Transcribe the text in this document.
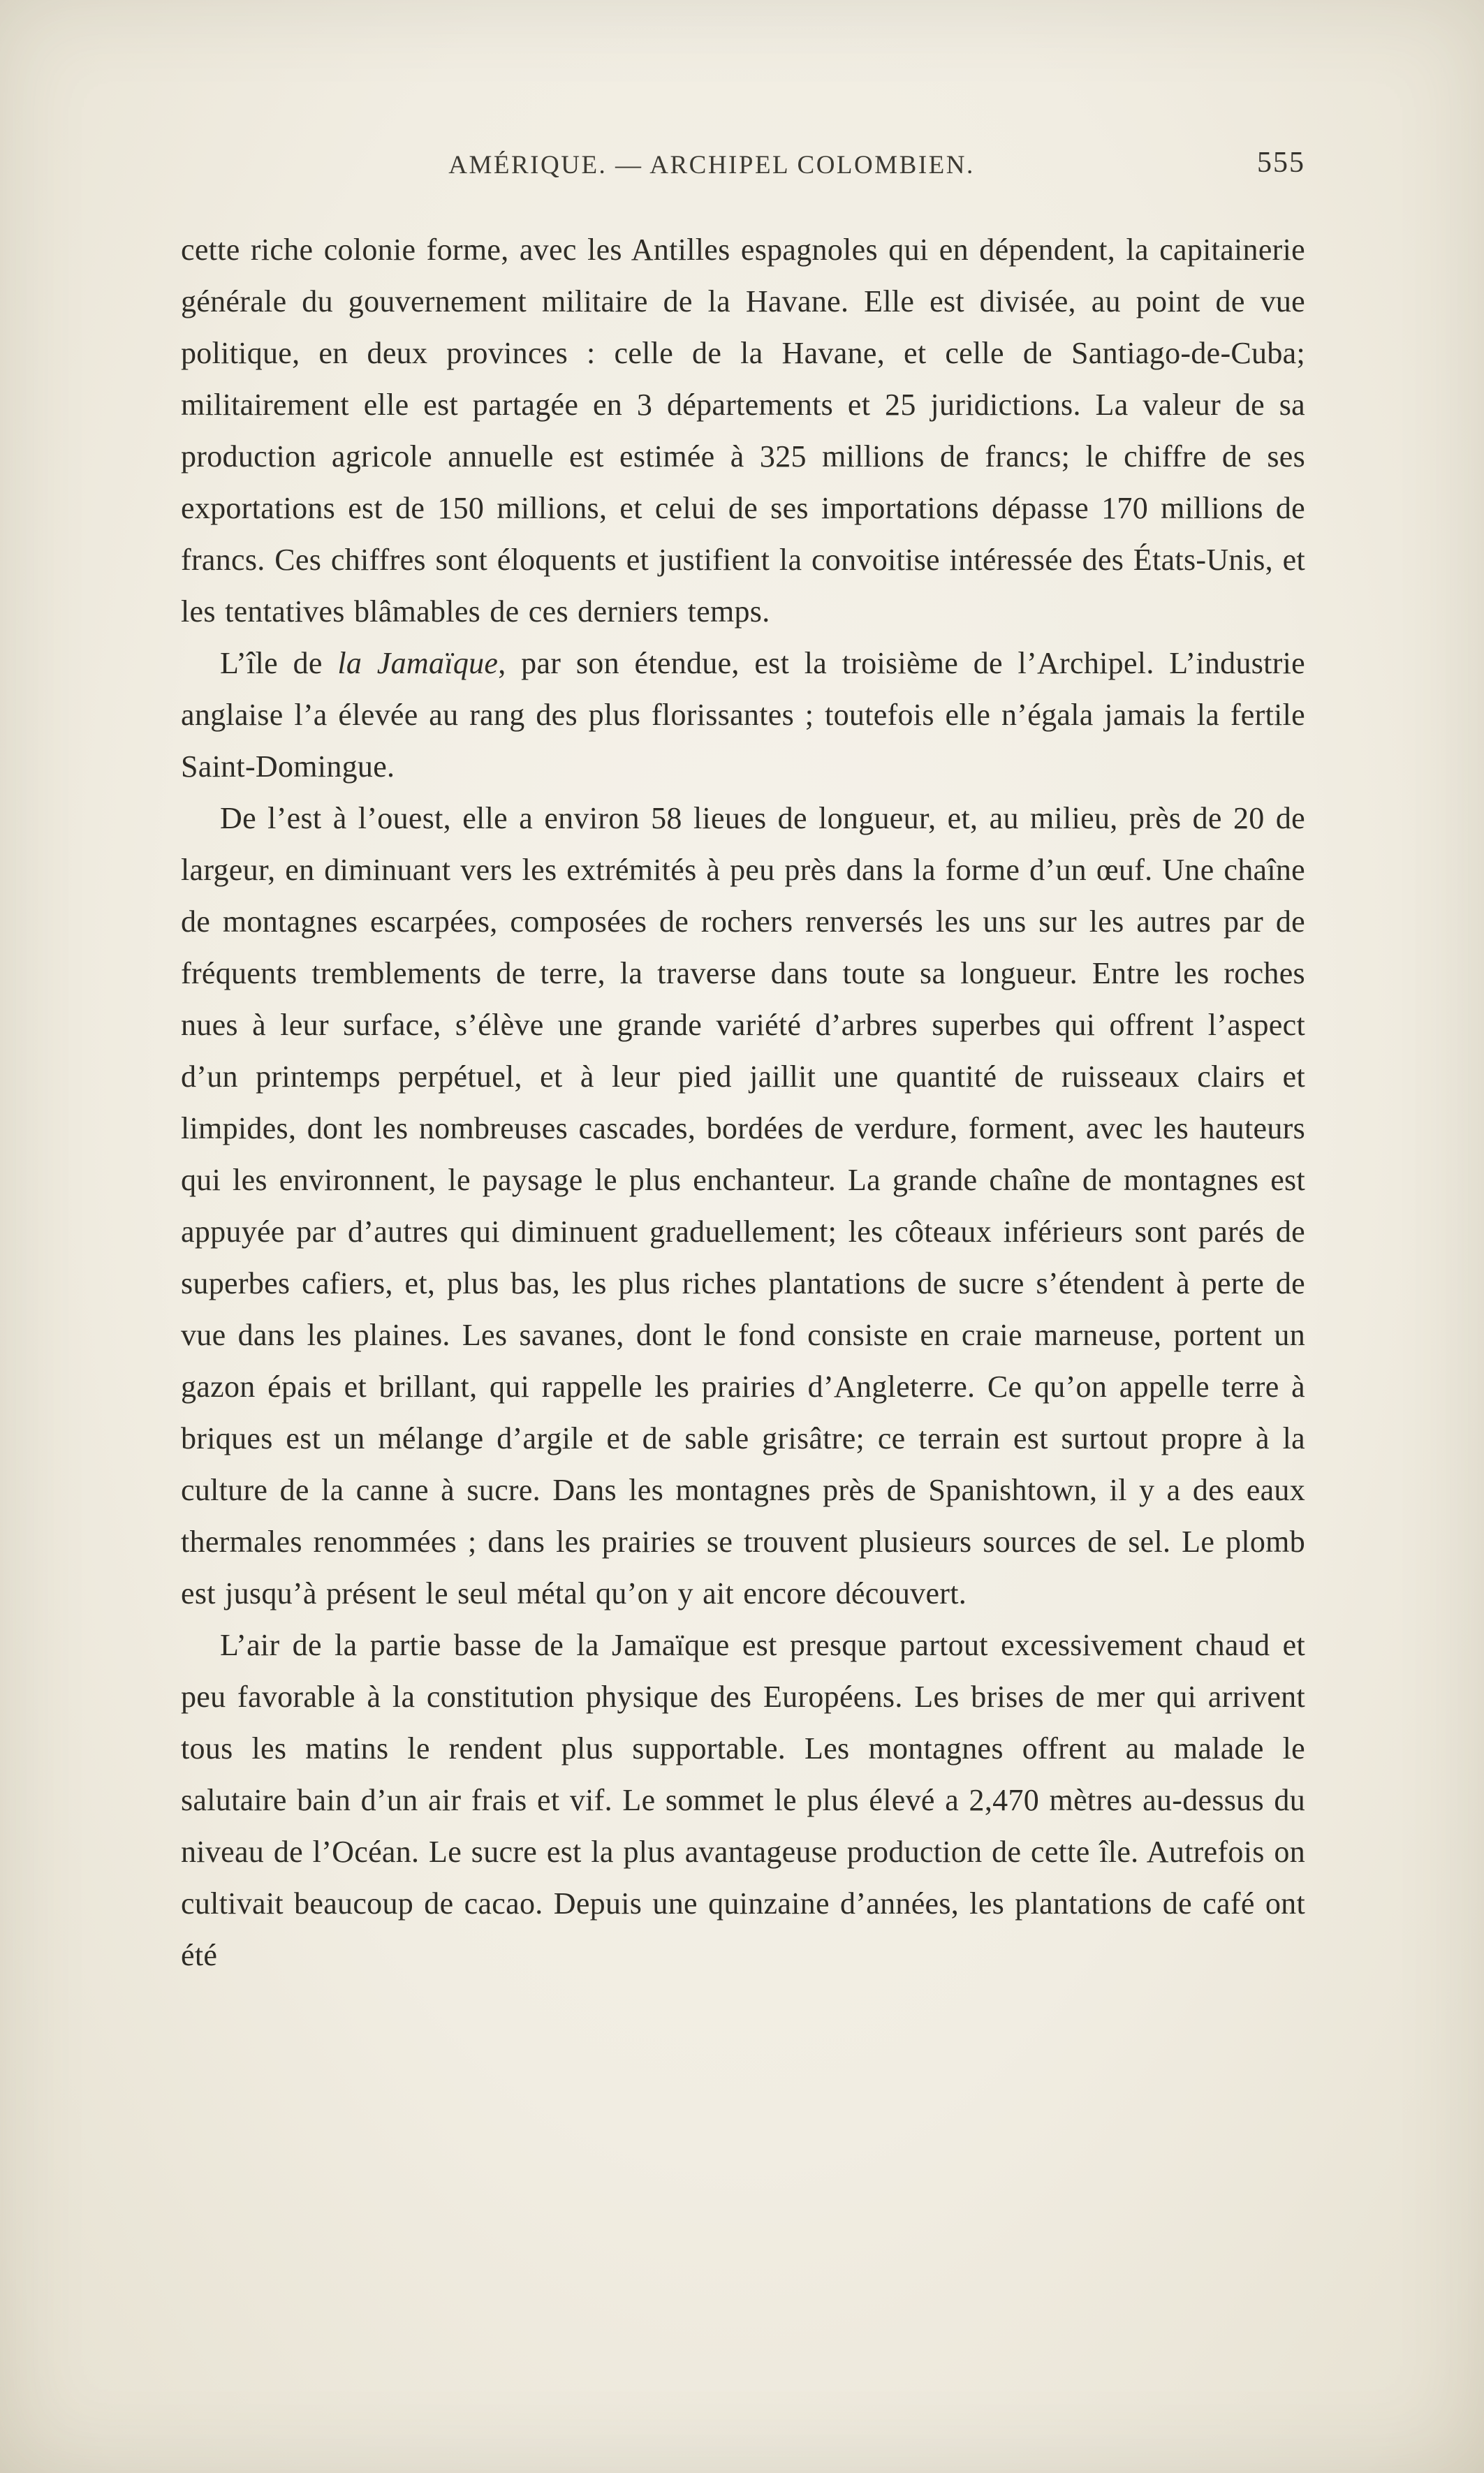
AMÉRIQUE. — ARCHIPEL COLOMBIEN.	555

cette riche colonie forme, avec les Antilles espagnoles qui en dépendent, la capitainerie générale du gouvernement militaire de la Havane. Elle est divisée, au point de vue politique, en deux provinces : celle de la Havane, et celle de Santiago-de-Cuba; militairement elle est partagée en 3 départements et 25 juridictions. La valeur de sa production agricole annuelle est estimée à 325 millions de francs; le chiffre de ses exportations est de 150 millions, et celui de ses importations dépasse 170 millions de francs. Ces chiffres sont éloquents et justifient la convoitise intéressée des États-Unis, et les tentatives blâmables de ces derniers temps.

L’île de la Jamaïque, par son étendue, est la troisième de l’Archipel. L’industrie anglaise l’a élevée au rang des plus florissantes ; toutefois elle n’égala jamais la fertile Saint-Domingue.

De l’est à l’ouest, elle a environ 58 lieues de longueur, et, au milieu, près de 20 de largeur, en diminuant vers les extrémités à peu près dans la forme d’un œuf. Une chaîne de montagnes escarpées, composées de rochers renversés les uns sur les autres par de fréquents tremblements de terre, la traverse dans toute sa longueur. Entre les roches nues à leur surface, s’élève une grande variété d’arbres superbes qui offrent l’aspect d’un printemps perpétuel, et à leur pied jaillit une quantité de ruisseaux clairs et limpides, dont les nombreuses cascades, bordées de verdure, forment, avec les hauteurs qui les environnent, le paysage le plus enchanteur. La grande chaîne de montagnes est appuyée par d’autres qui diminuent graduellement; les côteaux inférieurs sont parés de superbes cafiers, et, plus bas, les plus riches plantations de sucre s’étendent à perte de vue dans les plaines. Les savanes, dont le fond consiste en craie marneuse, portent un gazon épais et brillant, qui rappelle les prairies d’Angleterre. Ce qu’on appelle terre à briques est un mélange d’argile et de sable grisâtre; ce terrain est surtout propre à la culture de la canne à sucre. Dans les montagnes près de Spanishtown, il y a des eaux thermales renommées ; dans les prairies se trouvent plusieurs sources de sel. Le plomb est jusqu’à présent le seul métal qu’on y ait encore découvert.

L’air de la partie basse de la Jamaïque est presque partout excessivement chaud et peu favorable à la constitution physique des Européens. Les brises de mer qui arrivent tous les matins le rendent plus supportable. Les montagnes offrent au malade le salutaire bain d’un air frais et vif. Le sommet le plus élevé a 2,470 mètres au-dessus du niveau de l’Océan. Le sucre est la plus avantageuse production de cette île. Autrefois on cultivait beaucoup de cacao. Depuis une quinzaine d’années, les plantations de café ont été
